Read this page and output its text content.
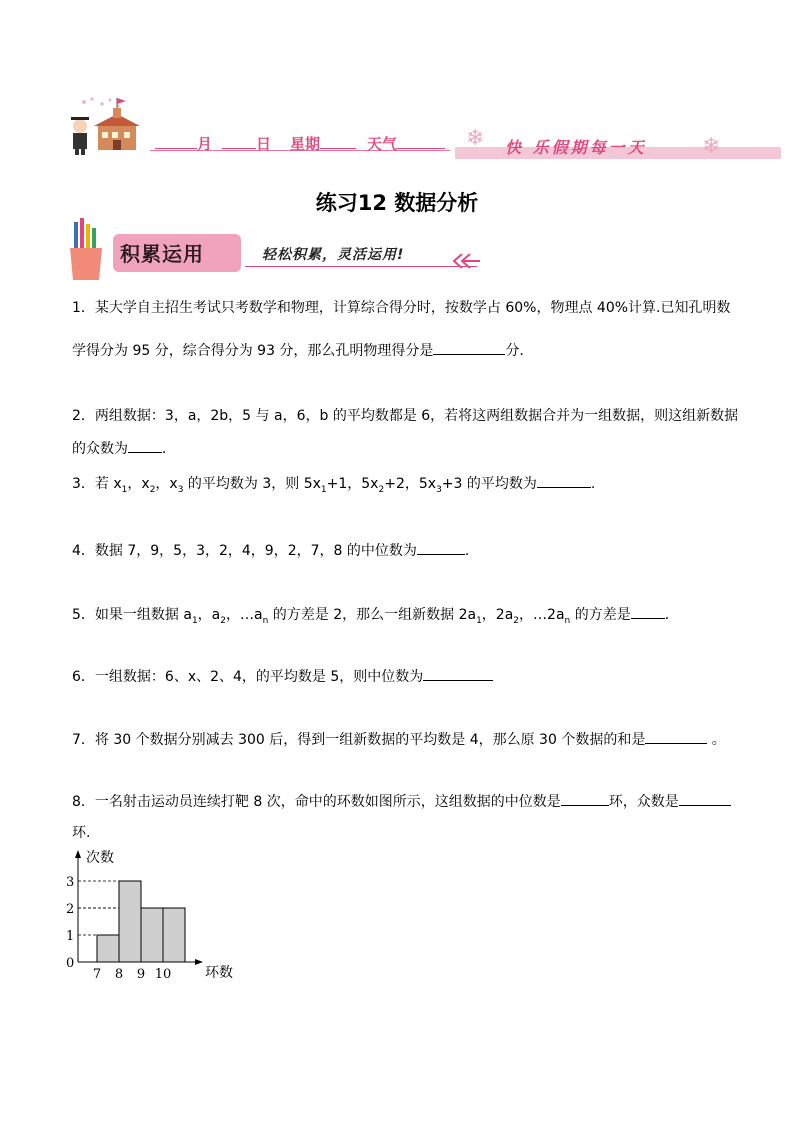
月	日 星期	天气	❄ 快 乐假期每一天	❄
练习12 数据分析
积累运用	轻松积累，灵活运用!
1．某大学自主招生考试只考数学和物理，计算综合得分时，按数学占 60%，物理点 40%计算.已知孔明数
学得分为 95 分，综合得分为 93 分，那么孔明物理得分是	分.
2．两组数据：3，a，2b，5 与 a，6，b 的平均数都是 6，若将这两组数据合并为一组数据，则这组新数据
的众数为 ．
3．若 $x_1$，$x_2$，$x_3$ 的平均数为 3，则 $5x_1+1$，$5x_2+2$，$5x_3+3$ 的平均数为	.
4．数据 7，9，5，3，2，4，9，2，7，8 的中位数为	.
5．如果一组数据 $a_1$，$a_2$，$\dots a_n$ 的方差是 2，那么一组新数据 $2a_1$，$2a_2$，$\dots 2a_n$ 的方差是 ．
6．一组数据：6、x、2、4，的平均数是 5，则中位数为
7．将 30 个数据分别减去 300 后，得到一组新数据的平均数是 4，那么原 30 个数据的和是	。
8．一名射击运动员连续打靶 8 次，命中的环数如图所示，这组数据的中位数是	环，众数是
环.
次数
环数
0
1
2
3
7 8 9 10
